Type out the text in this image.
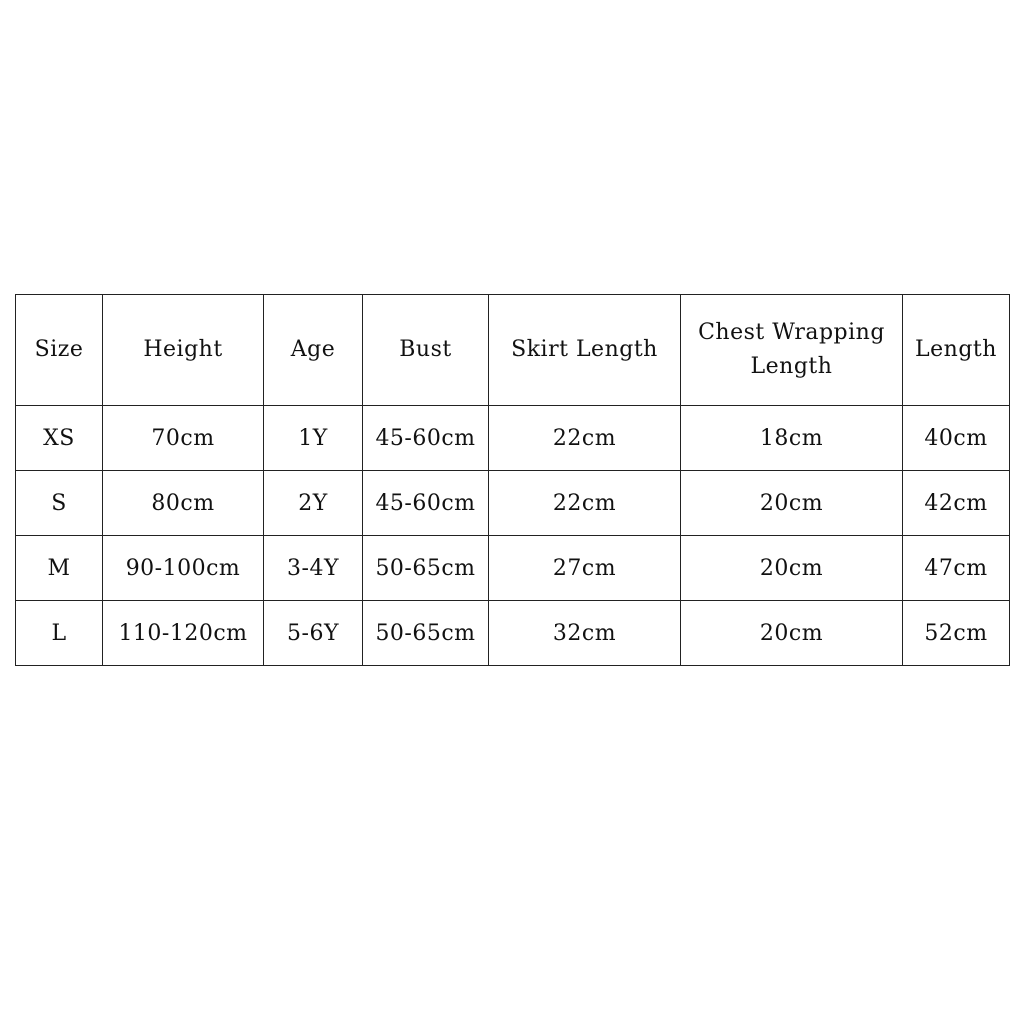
Size	Height	Age	Bust	Skirt Length	Chest Wrapping Length	Length
XS	70cm	1Y	45-60cm	22cm	18cm	40cm
S	80cm	2Y	45-60cm	22cm	20cm	42cm
M	90-100cm	3-4Y	50-65cm	27cm	20cm	47cm
L	110-120cm	5-6Y	50-65cm	32cm	20cm	52cm
